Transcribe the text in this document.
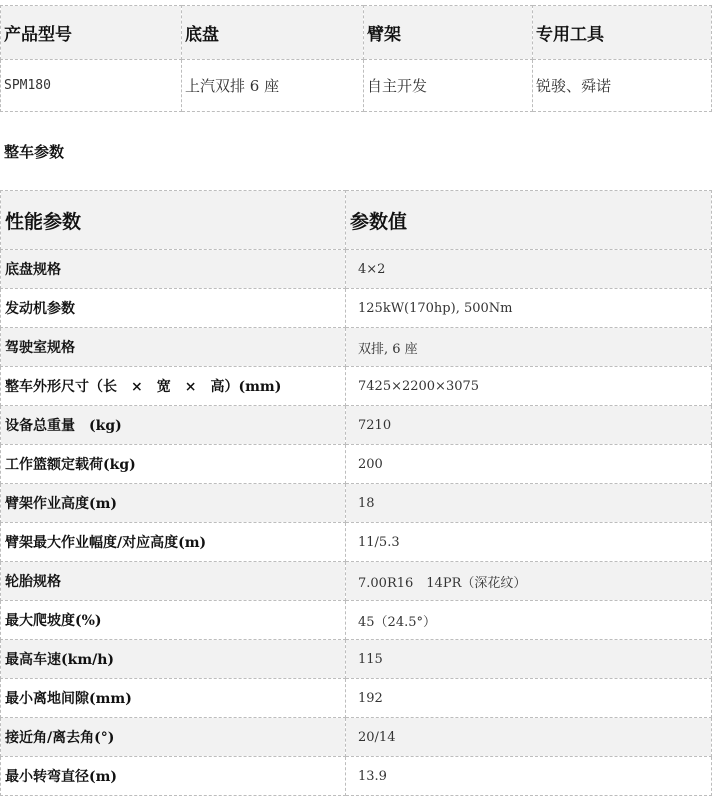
产品型号	底盘	臂架	专用工具
SPM180	上汽双排 6 座	自主开发	锐骏、舜诺
整车参数
性能参数	参数值
底盘规格	4×2
发动机参数	125kW(170hp), 500Nm
驾驶室规格	双排, 6 座
整车外形尺寸（长　×　宽　×　高）(mm)	7425×2200×3075
设备总重量　(kg)	7210
工作篮额定载荷(kg)	200
臂架作业高度(m)	18
臂架最大作业幅度/对应高度(m)	11/5.3
轮胎规格	7.00R16　14PR（深花纹）
最大爬坡度(%)	45（24.5°）
最高车速(km/h)	115
最小离地间隙(mm)	192
接近角/离去角(°)	20/14
最小转弯直径(m)	13.9
